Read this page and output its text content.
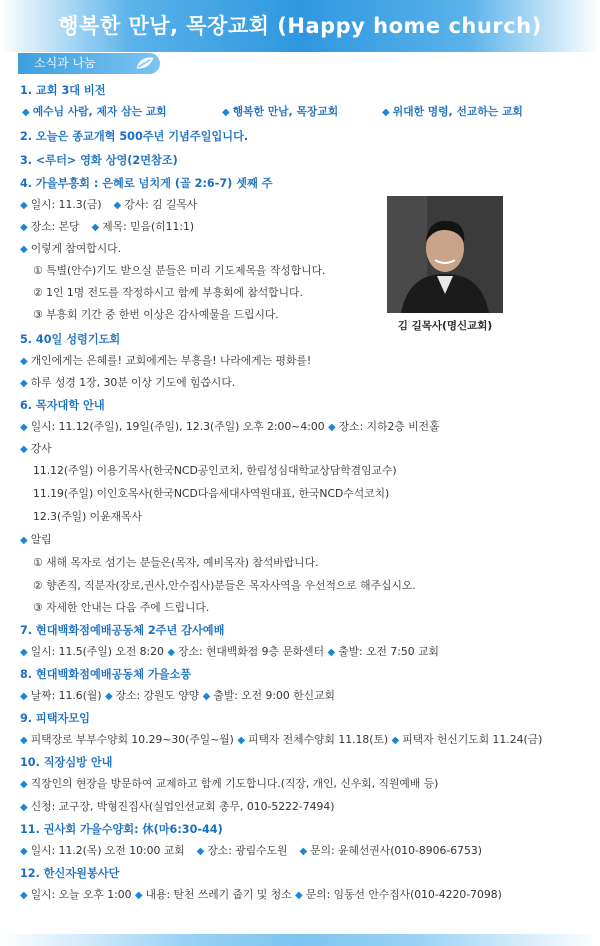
행복한 만남, 목장교회 (Happy home church)
소식과 나눔
1. 교회 3대 비전
◆ 예수님 사람, 제자 삼는 교회	◆ 행복한 만남, 목장교회	◆ 위대한 명령, 선교하는 교회
2. 오늘은 종교개혁 500주년 기념주일입니다.
3. <루터> 영화 상영(2면참조)
4. 가을부흥회 : 은혜로 넘치게 (골 2:6-7) 셋째 주
◆ 일시: 11.3(금) ◆ 강사: 김 길목사
◆ 장소: 본당 ◆ 제목: 믿음(히11:1)
◆ 이렇게 참여합시다.
① 특별(안수)기도 받으실 분들은 미리 기도제목을 작성합니다.
② 1인 1명 전도를 작정하시고 함께 부흥회에 참석합니다.
③ 부흥회 기간 중 한번 이상은 감사예물을 드립시다.
김 길목사(명신교회)
5. 40일 성령기도회
◆ 개인에게는 은혜를! 교회에게는 부흥을! 나라에게는 평화를!
◆ 하루 성경 1장, 30분 이상 기도에 힘씁시다.
6. 목자대학 안내
◆ 일시: 11.12(주일), 19일(주일), 12.3(주일) 오후 2:00~4:00 ◆ 장소: 지하2층 비전홀
◆ 강사
11.12(주일) 이용기목사(한국NCD공인코치, 한림성심대학교상담학겸임교수)
11.19(주일) 이인호목사(한국NCD다음세대사역원대표, 한국NCD수석코치)
12.3(주일) 이윤재목사
◆ 알림
① 새해 목자로 섬기는 분들은(목자, 예비목자) 참석바랍니다.
② 향존직, 직분자(장로,권사,안수집사)분들은 목자사역을 우선적으로 해주십시오.
③ 자세한 안내는 다음 주에 드립니다.
7. 현대백화점예배공동체 2주년 감사예배
◆ 일시: 11.5(주일) 오전 8:20 ◆ 장소: 현대백화점 9층 문화센터 ◆ 출발: 오전 7:50 교회
8. 현대백화점예배공동체 가을소풍
◆ 날짜: 11.6(월) ◆ 장소: 강원도 양양 ◆ 출발: 오전 9:00 한신교회
9. 피택자모임
◆ 피택장로 부부수양회 10.29~30(주일~월) ◆ 피택자 전체수양회 11.18(토) ◆ 피택자 헌신기도회 11.24(금)
10. 직장심방 안내
◆ 직장인의 현장을 방문하여 교제하고 함께 기도합니다.(직장, 개인, 신우회, 직원예배 등)
◆ 신청: 교구장, 박형진집사(실업인선교회 총무, 010-5222-7494)
11. 권사회 가을수양회: 休(마6:30-44)
◆ 일시: 11.2(목) 오전 10:00 교회 ◆ 장소: 광림수도원 ◆ 문의: 윤혜선권사(010-8906-6753)
12. 한신자원봉사단
◆ 일시: 오늘 오후 1:00 ◆ 내용: 탄천 쓰레기 줍기 및 청소 ◆ 문의: 임동선 안수집사(010-4220-7098)
